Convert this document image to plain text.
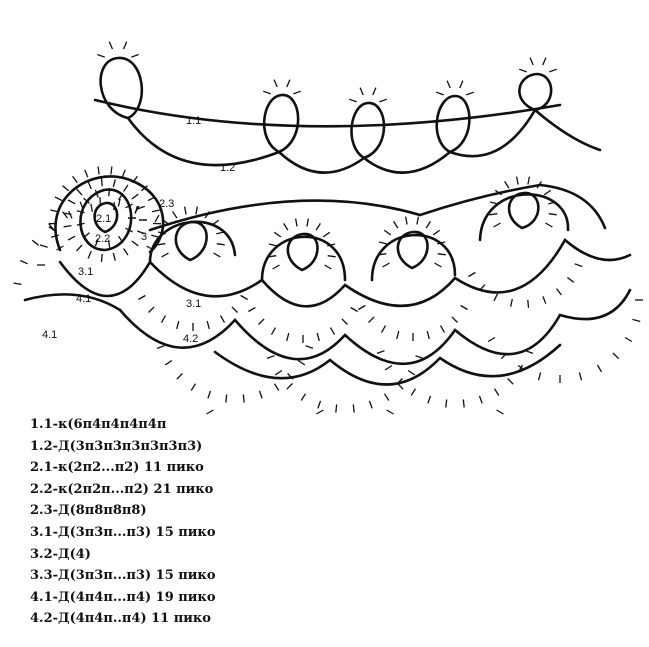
1.1
1.2
2.1
2.2
2.3
3
3.1
3.1
4.1
4.1	4.2
1.1-к(6п4п4п4п4п
1.2-Д(3п3п3п3п3п3п3)
2.1-к(2п2...п2) 11 пико
2.2-к(2п2п...п2) 21 пико
2.3-Д(8п8п8п8)
3.1-Д(3п3п...п3) 15 пико
3.2-Д(4)
3.3-Д(3п3п...п3) 15 пико
4.1-Д(4п4п...п4) 19 пико
4.2-Д(4п4п..п4) 11 пико
